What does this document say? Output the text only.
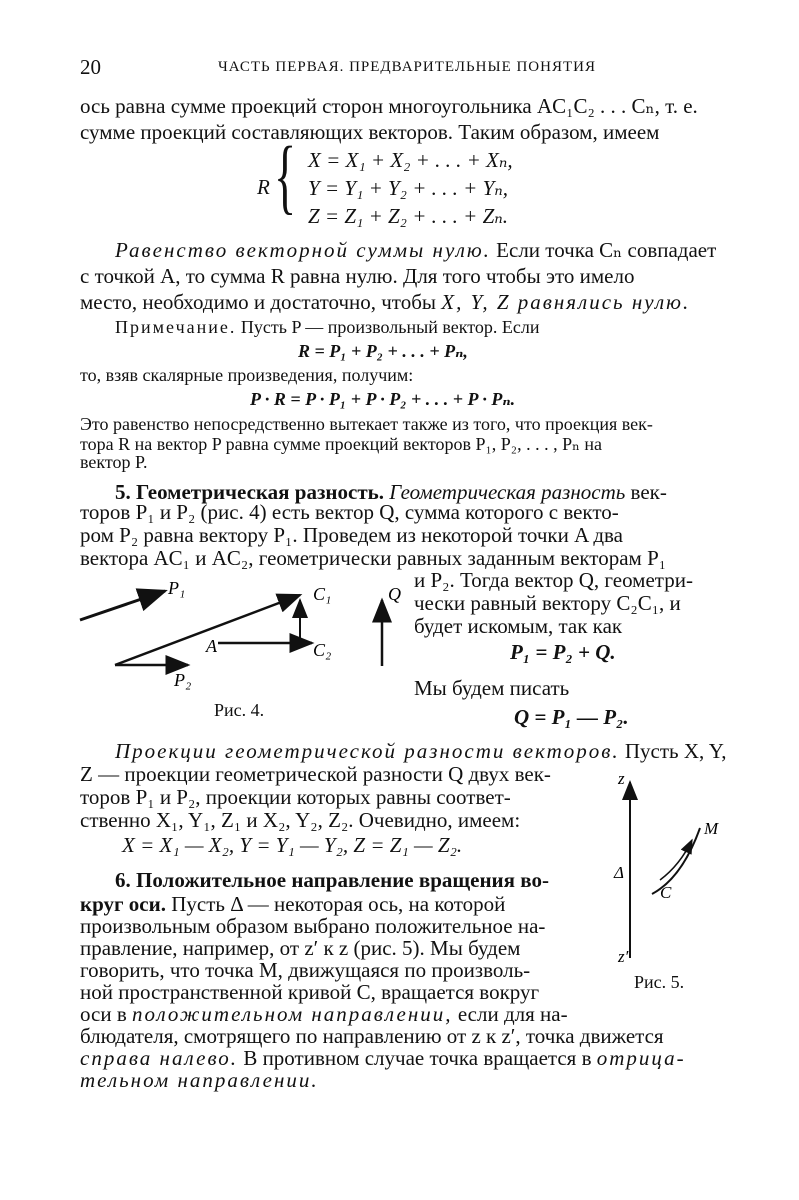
20	ЧАСТЬ ПЕРВАЯ. ПРЕДВАРИТЕЛЬНЫЕ ПОНЯТИЯ
ось равна сумме проекций сторон многоугольника AC₁C₂ . . . Cₙ, т. е.
сумме проекций составляющих векторов. Таким образом, имеем
R { X = X₁ + X₂ + . . . + Xₙ,
Y = Y₁ + Y₂ + . . . + Yₙ,
Z = Z₁ + Z₂ + . . . + Zₙ.
Равенство векторной суммы нулю. Если точка Cₙ совпадает
с точкой A, то сумма R равна нулю. Для того чтобы это имело
место, необходимо и достаточно, чтобы X, Y, Z равнялись нулю.
Примечание. Пусть P — произвольный вектор. Если
R = P₁ + P₂ + . . . + Pₙ,
то, взяв скалярные произведения, получим:
P · R = P · P₁ + P · P₂ + . . . + P · Pₙ.
Это равенство непосредственно вытекает также из того, что проекция век-
тора R на вектор P равна сумме проекций векторов P₁, P₂, . . . , Pₙ на
вектор P.
5. Геометрическая разность. Геометрическая разность век-
торов P₁ и P₂ (рис. 4) есть вектор Q, сумма которого с векто-
ром P₂ равна вектору P₁. Проведем из некоторой точки A два
вектора AC₁ и AC₂, геометрически равных заданным векторам P₁
и P₂. Тогда вектор Q, геометри-
чески равный вектору C₂C₁, и
будет искомым, так как
P₁ = P₂ + Q.
Мы будем писать
Q = P₁ — P₂.
P₁
A
C₁
C₂
Q
P₂
Рис. 4.
Проекции геометрической разности векторов. Пусть X, Y,
Z — проекции геометрической разности Q двух век-
торов P₁ и P₂, проекции которых равны соответ-
ственно X₁, Y₁, Z₁ и X₂, Y₂, Z₂. Очевидно, имеем:
X = X₁ — X₂, Y = Y₁ — Y₂, Z = Z₁ — Z₂.
6. Положительное направление вращения во-
круг оси. Пусть Δ — некоторая ось, на которой
произвольным образом выбрано положительное на-
правление, например, от z′ к z (рис. 5). Мы будем
говорить, что точка M, движущаяся по произволь-
ной пространственной кривой C, вращается вокруг
оси в положительном направлении, если для на-
блюдателя, смотрящего по направлению от z к z′, точка движется
справа налево. В противном случае точка вращается в отрица-
тельном направлении.
z
Δ
z′
M
C
Рис. 5.
